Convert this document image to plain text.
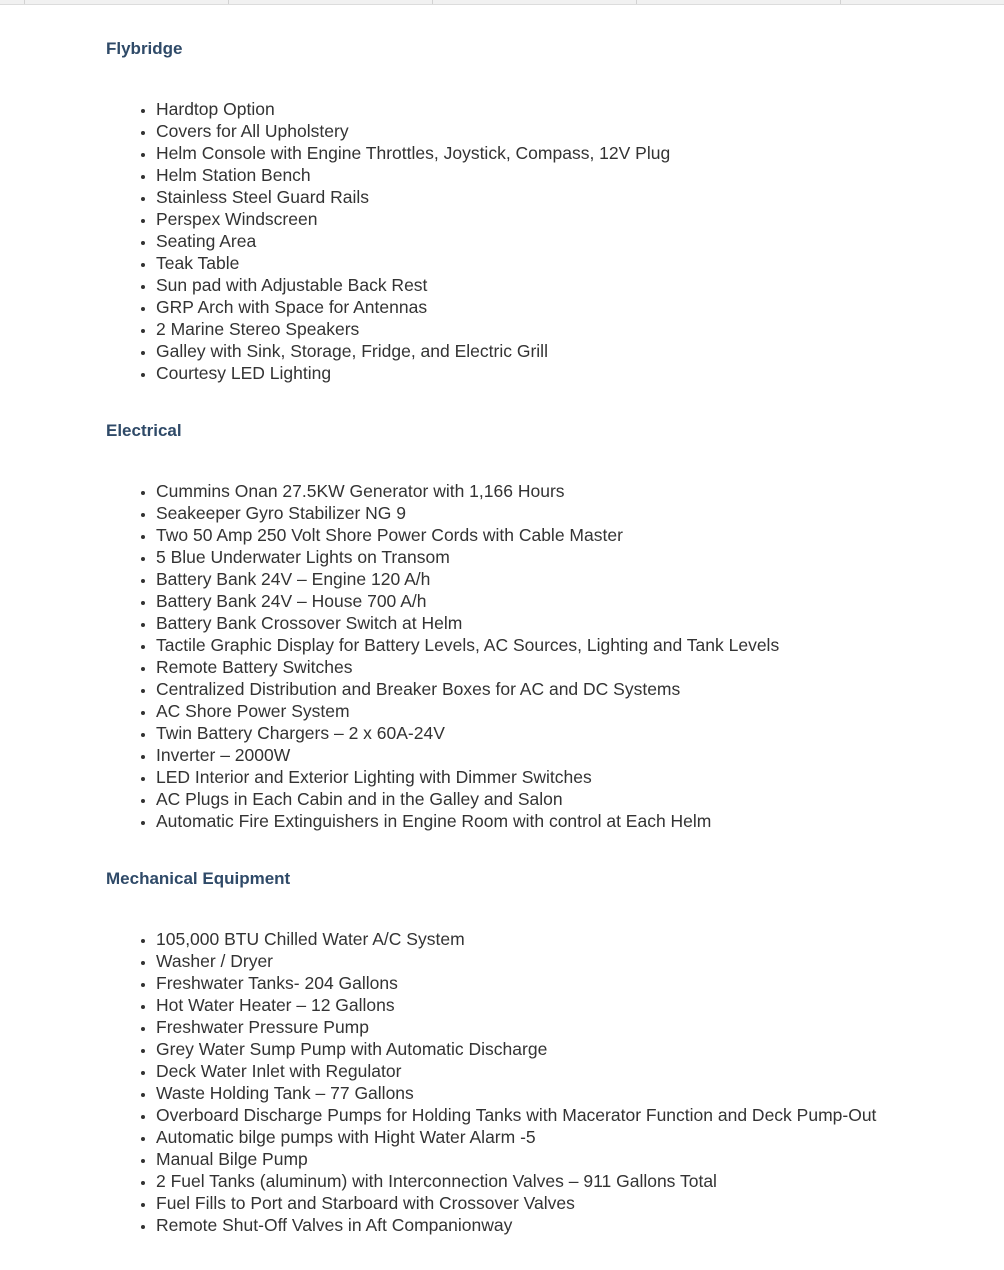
Flybridge
• Hardtop Option
• Covers for All Upholstery
• Helm Console with Engine Throttles, Joystick, Compass, 12V Plug
• Helm Station Bench
• Stainless Steel Guard Rails
• Perspex Windscreen
• Seating Area
• Teak Table
• Sun pad with Adjustable Back Rest
• GRP Arch with Space for Antennas
• 2 Marine Stereo Speakers
• Galley with Sink, Storage, Fridge, and Electric Grill
• Courtesy LED Lighting
Electrical
• Cummins Onan 27.5KW Generator with 1,166 Hours
• Seakeeper Gyro Stabilizer NG 9
• Two 50 Amp 250 Volt Shore Power Cords with Cable Master
• 5 Blue Underwater Lights on Transom
• Battery Bank 24V – Engine 120 A/h
• Battery Bank 24V – House 700 A/h
• Battery Bank Crossover Switch at Helm
• Tactile Graphic Display for Battery Levels, AC Sources, Lighting and Tank Levels
• Remote Battery Switches
• Centralized Distribution and Breaker Boxes for AC and DC Systems
• AC Shore Power System
• Twin Battery Chargers – 2 x 60A-24V
• Inverter – 2000W
• LED Interior and Exterior Lighting with Dimmer Switches
• AC Plugs in Each Cabin and in the Galley and Salon
• Automatic Fire Extinguishers in Engine Room with control at Each Helm
Mechanical Equipment
• 105,000 BTU Chilled Water A/C System
• Washer / Dryer
• Freshwater Tanks- 204 Gallons
• Hot Water Heater – 12 Gallons
• Freshwater Pressure Pump
• Grey Water Sump Pump with Automatic Discharge
• Deck Water Inlet with Regulator
• Waste Holding Tank – 77 Gallons
• Overboard Discharge Pumps for Holding Tanks with Macerator Function and Deck Pump-Out
• Automatic bilge pumps with Hight Water Alarm -5
• Manual Bilge Pump
• 2 Fuel Tanks (aluminum) with Interconnection Valves – 911 Gallons Total
• Fuel Fills to Port and Starboard with Crossover Valves
• Remote Shut-Off Valves in Aft Companionway
